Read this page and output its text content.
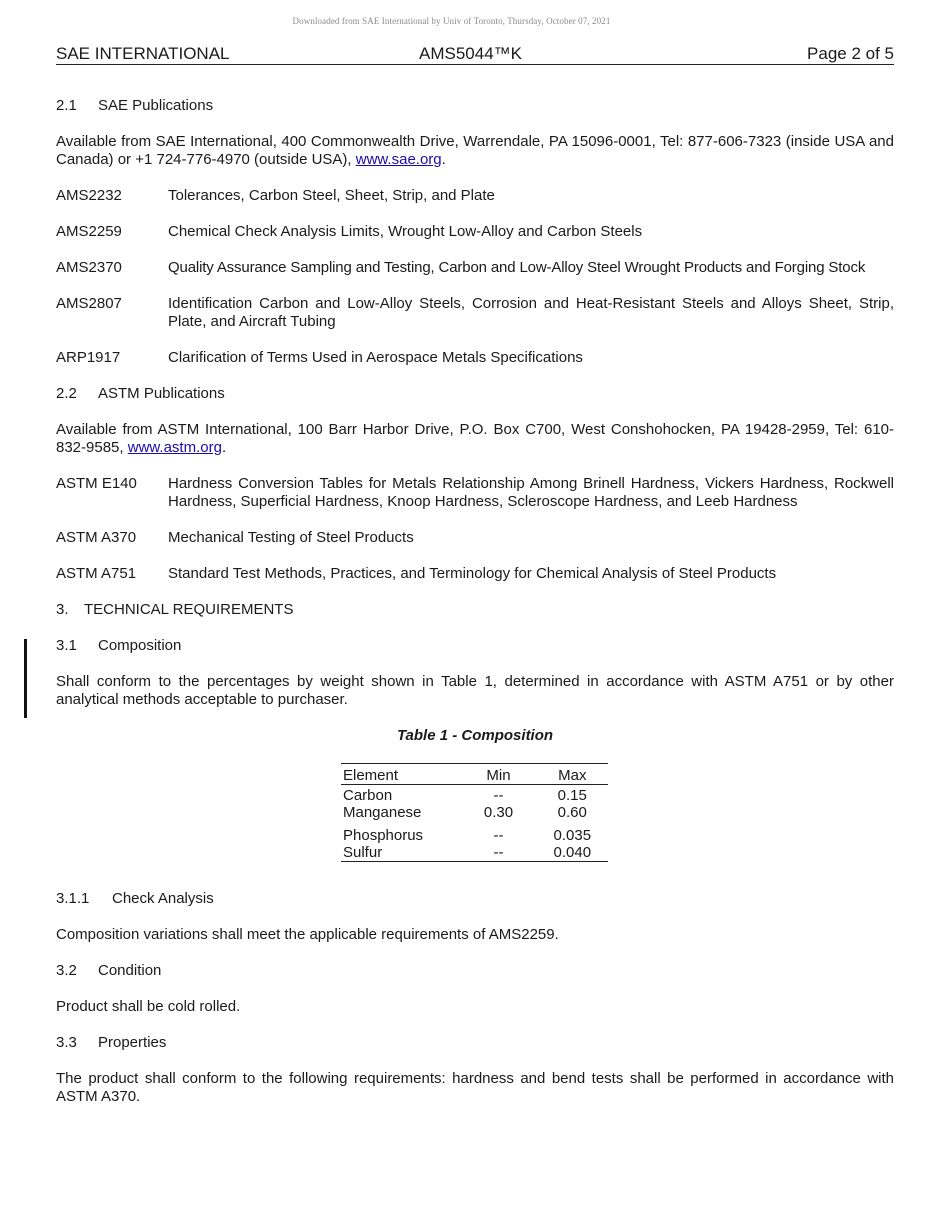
Downloaded from SAE International by Univ of Toronto, Thursday, October 07, 2021
SAE INTERNATIONAL	AMS5044™K	Page 2 of 5
2.1 SAE Publications

Available from SAE International, 400 Commonwealth Drive, Warrendale, PA 15096-0001, Tel: 877-606-7323 (inside USA and Canada) or +1 724-776-4970 (outside USA), www.sae.org.

AMS2232	Tolerances, Carbon Steel, Sheet, Strip, and Plate
AMS2259	Chemical Check Analysis Limits, Wrought Low-Alloy and Carbon Steels
AMS2370	Quality Assurance Sampling and Testing, Carbon and Low-Alloy Steel Wrought Products and Forging Stock
AMS2807	Identification Carbon and Low-Alloy Steels, Corrosion and Heat-Resistant Steels and Alloys Sheet, Strip, Plate, and Aircraft Tubing
ARP1917	Clarification of Terms Used in Aerospace Metals Specifications
2.2 ASTM Publications

Available from ASTM International, 100 Barr Harbor Drive, P.O. Box C700, West Conshohocken, PA 19428-2959, Tel: 610-832-9585, www.astm.org.

ASTM E140	Hardness Conversion Tables for Metals Relationship Among Brinell Hardness, Vickers Hardness, Rockwell Hardness, Superficial Hardness, Knoop Hardness, Scleroscope Hardness, and Leeb Hardness
ASTM A370	Mechanical Testing of Steel Products
ASTM A751	Standard Test Methods, Practices, and Terminology for Chemical Analysis of Steel Products
3. TECHNICAL REQUIREMENTS
3.1 Composition

Shall conform to the percentages by weight shown in Table 1, determined in accordance with ASTM A751 or by other analytical methods acceptable to purchaser.

Table 1 - Composition
Element	Min	Max
Carbon	--	0.15
Manganese	0.30	0.60
Phosphorus	--	0.035
Sulfur	--	0.040
3.1.1 Check Analysis

Composition variations shall meet the applicable requirements of AMS2259.

3.2 Condition

Product shall be cold rolled.

3.3 Properties

The product shall conform to the following requirements: hardness and bend tests shall be performed in accordance with ASTM A370.
